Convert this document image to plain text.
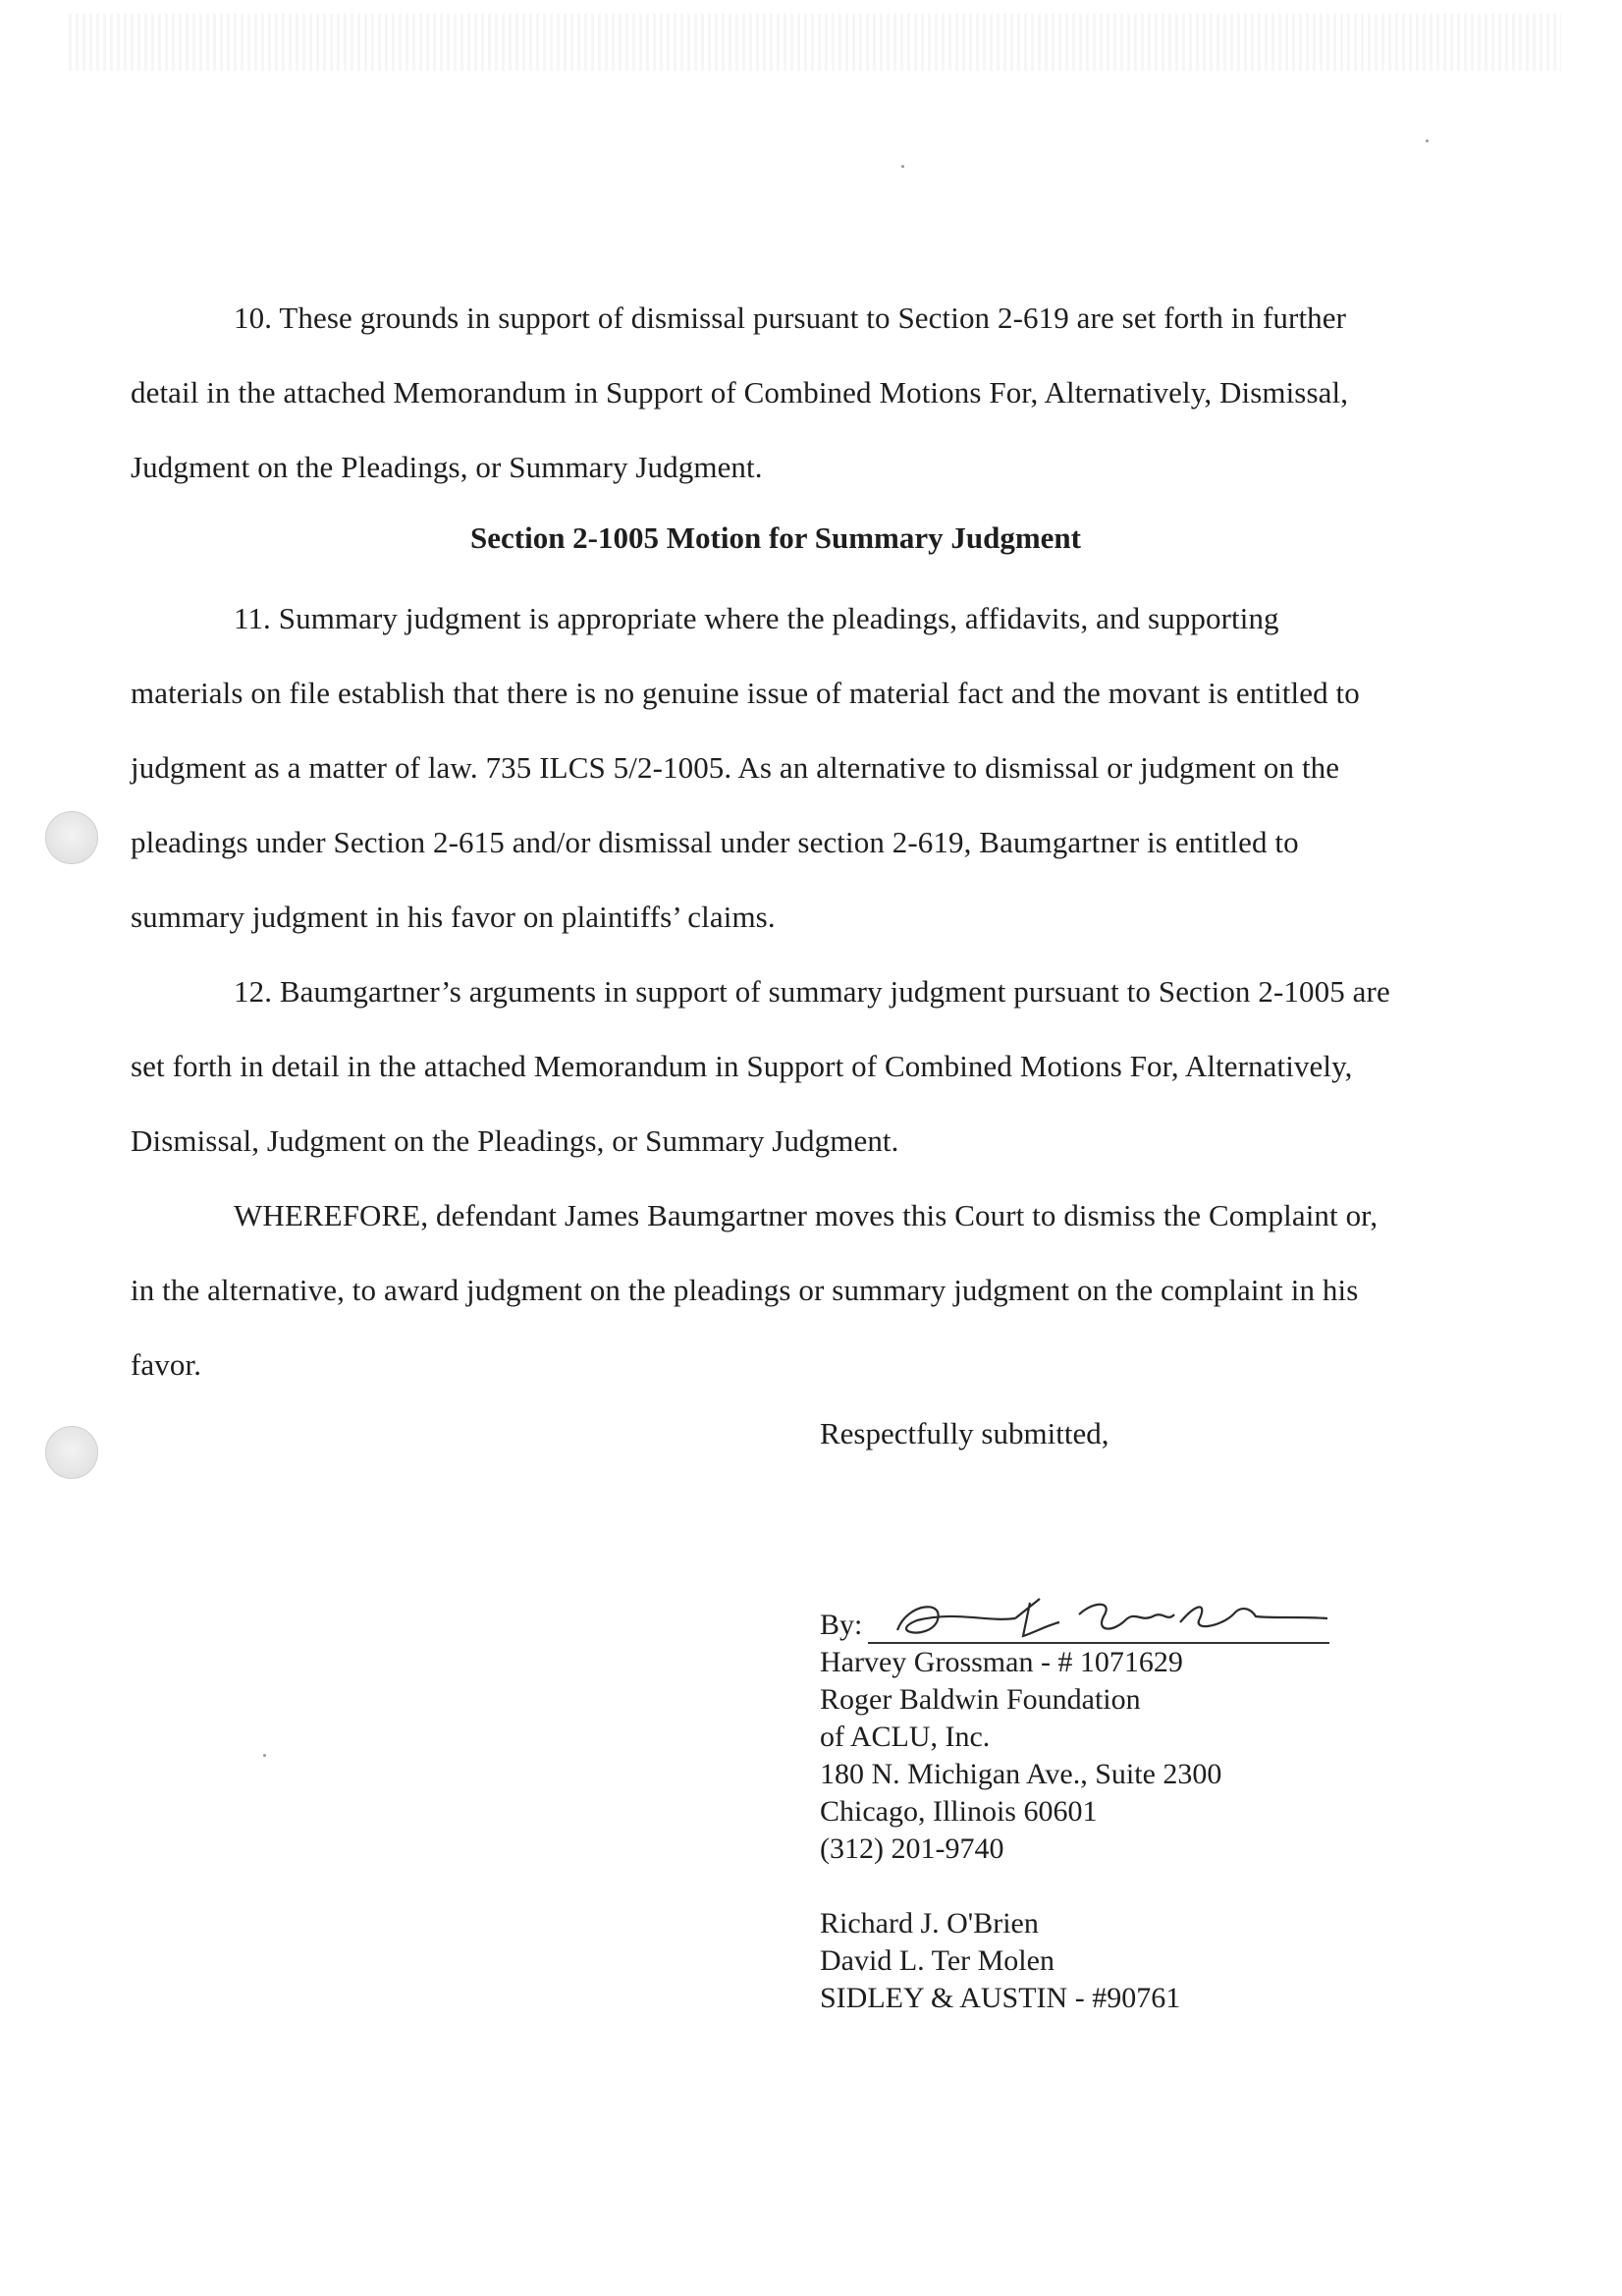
10. These grounds in support of dismissal pursuant to Section 2-619 are set forth in further detail in the attached Memorandum in Support of Combined Motions For, Alternatively, Dismissal, Judgment on the Pleadings, or Summary Judgment.

Section 2-1005 Motion for Summary Judgment

11. Summary judgment is appropriate where the pleadings, affidavits, and supporting materials on file establish that there is no genuine issue of material fact and the movant is entitled to judgment as a matter of law. 735 ILCS 5/2-1005. As an alternative to dismissal or judgment on the pleadings under Section 2-615 and/or dismissal under section 2-619, Baumgartner is entitled to summary judgment in his favor on plaintiffs’ claims.

12. Baumgartner’s arguments in support of summary judgment pursuant to Section 2-1005 are set forth in detail in the attached Memorandum in Support of Combined Motions For, Alternatively, Dismissal, Judgment on the Pleadings, or Summary Judgment.

WHEREFORE, defendant James Baumgartner moves this Court to dismiss the Complaint or, in the alternative, to award judgment on the pleadings or summary judgment on the complaint in his favor.

Respectfully submitted,
By:
Harvey Grossman - # 1071629
Roger Baldwin Foundation
of ACLU, Inc.
180 N. Michigan Ave., Suite 2300
Chicago, Illinois 60601
(312) 201-9740
Richard J. O'Brien
David L. Ter Molen
SIDLEY & AUSTIN - #90761
